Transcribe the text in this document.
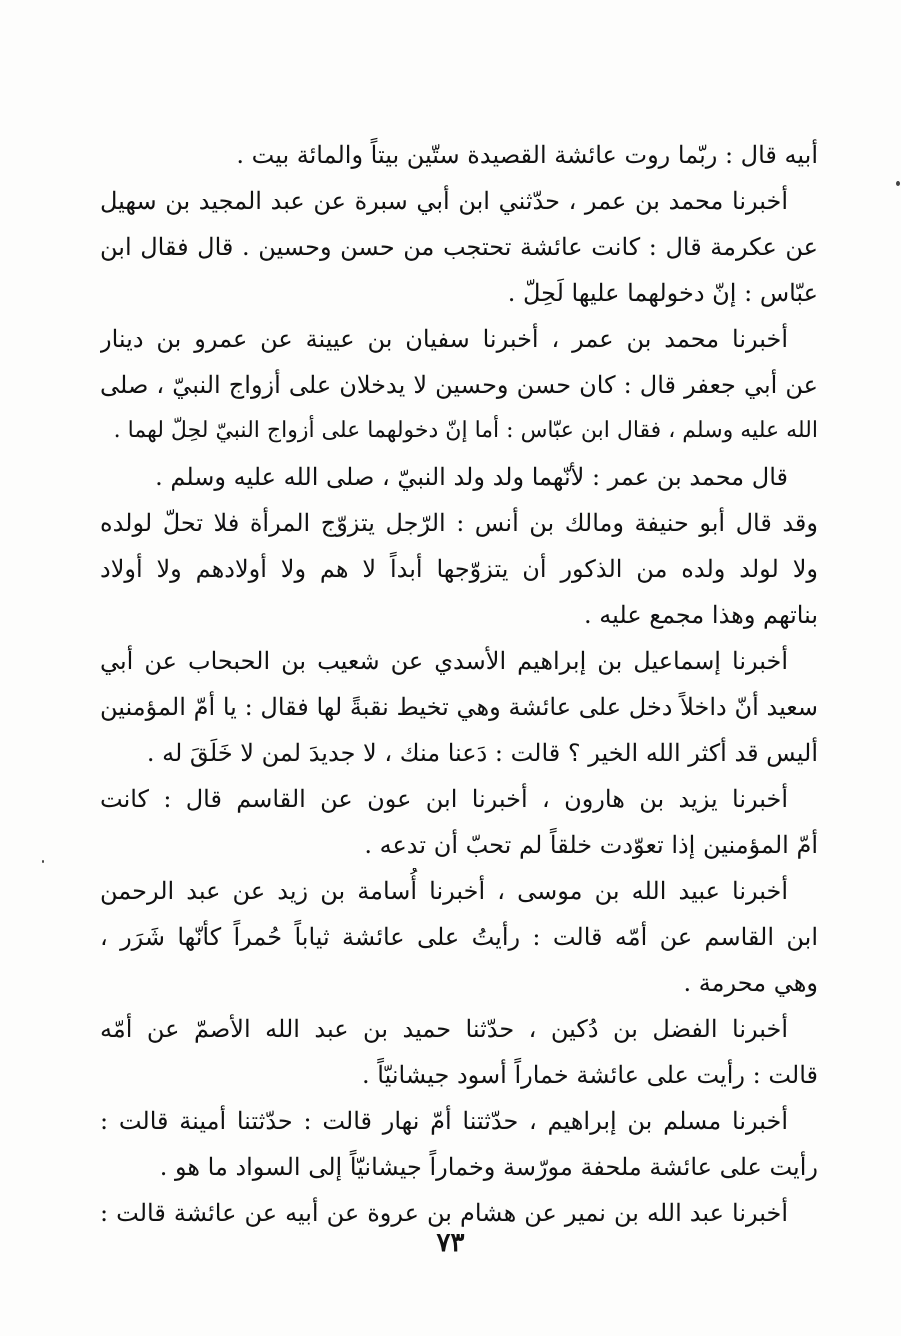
أبيه قال : ربّما روت عائشة القصيدة ستّين بيتاً والمائة بيت .
أخبرنا محمد بن عمر ، حدّثني ابن أبي سبرة عن عبد المجيد بن سهيل
عن عكرمة قال : كانت عائشة تحتجب من حسن وحسين . قال فقال ابن
عبّاس : إنّ دخولهما عليها لَحِلّ .
أخبرنا محمد بن عمر ، أخبرنا سفيان بن عيينة عن عمرو بن دينار
عن أبي جعفر قال : كان حسن وحسين لا يدخلان على أزواج النبيّ ، صلى
الله عليه وسلم ، فقال ابن عبّاس : أما إنّ دخولهما على أزواج النبيّ لحِلّ لهما .
قال محمد بن عمر : لأنّهما ولد ولد النبيّ ، صلى الله عليه وسلم .
وقد قال أبو حنيفة ومالك بن أنس : الرّجل يتزوّج المرأة فلا تحلّ لولده
ولا لولد ولده من الذكور أن يتزوّجها أبداً لا هم ولا أولادهم ولا أولاد
بناتهم وهذا مجمع عليه .
أخبرنا إسماعيل بن إبراهيم الأسدي عن شعيب بن الحبحاب عن أبي
سعيد أنّ داخلاً دخل على عائشة وهي تخيط نقبةً لها فقال : يا أمّ المؤمنين
أليس قد أكثر الله الخير ؟ قالت : دَعنا منك ، لا جديدَ لمن لا خَلَقَ له .
أخبرنا يزيد بن هارون ، أخبرنا ابن عون عن القاسم قال : كانت
أمّ المؤمنين إذا تعوّدت خلقاً لم تحبّ أن تدعه .
أخبرنا عبيد الله بن موسى ، أخبرنا أُسامة بن زيد عن عبد الرحمن
ابن القاسم عن أمّه قالت : رأيتُ على عائشة ثياباً حُمراً كأنّها شَرَر ،
وهي محرمة .
أخبرنا الفضل بن دُكين ، حدّثنا حميد بن عبد الله الأصمّ عن أمّه
قالت : رأيت على عائشة خماراً أسود جيشانيّاً .
أخبرنا مسلم بن إبراهيم ، حدّثتنا أمّ نهار قالت : حدّثتنا أمينة قالت :
رأيت على عائشة ملحفة مورّسة وخماراً جيشانيّاً إلى السواد ما هو .
أخبرنا عبد الله بن نمير عن هشام بن عروة عن أبيه عن عائشة قالت :
٧٣
